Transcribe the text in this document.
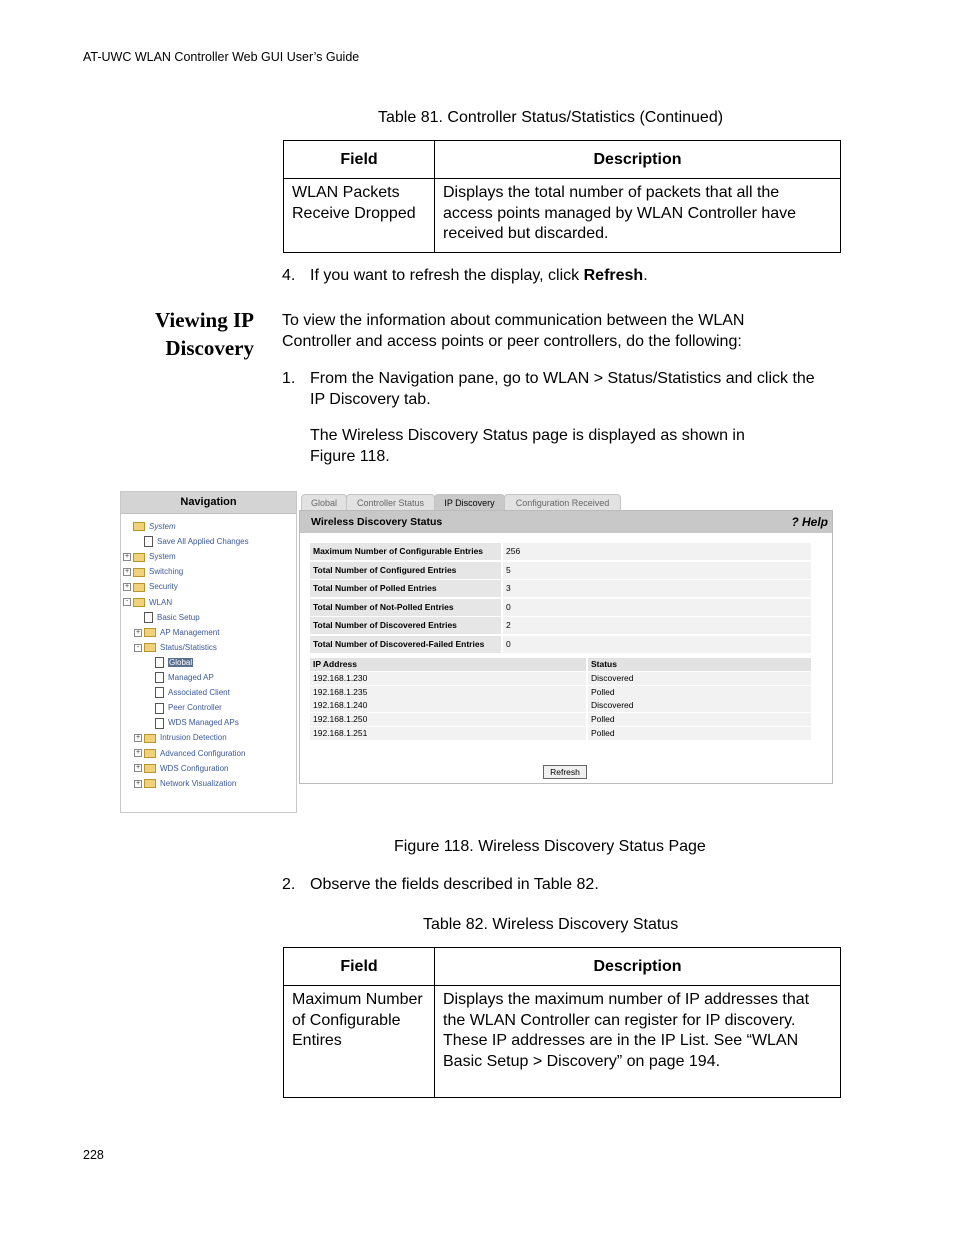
AT-UWC WLAN Controller Web GUI User’s Guide
Table 81. Controller Status/Statistics (Continued)
Field	Description
WLAN Packets Receive Dropped	Displays the total number of packets that all the access points managed by WLAN Controller have received but discarded.
4. If you want to refresh the display, click Refresh.
Viewing IP
Discovery
To view the information about communication between the WLAN Controller and access points or peer controllers, do the following:
1. From the Navigation pane, go to WLAN > Status/Statistics and click the IP Discovery tab.
The Wireless Discovery Status page is displayed as shown in Figure 118.
Navigation
System
Save All Applied Changes
+ System
+ Switching
+ Security
-	WLAN
Basic Setup
+ AP Management
-	Status/Statistics
Global
Managed AP
Associated Client
Peer Controller
WDS Managed APs
+ Intrusion Detection
+ Advanced Configuration
+ WDS Configuration
+ Network Visualization
Global	Controller Status	IP Discovery	Configuration Received
Wireless Discovery Status	? Help
Maximum Number of Configurable Entries	256
Total Number of Configured Entries	5
Total Number of Polled Entries	3
Total Number of Not-Polled Entries	0
Total Number of Discovered Entries	2
Total Number of Discovered-Failed Entries	0
IP Address	Status
192.168.1.230	Discovered
192.168.1.235	Polled
192.168.1.240	Discovered
192.168.1.250	Polled
192.168.1.251	Polled
Refresh
Figure 118. Wireless Discovery Status Page
2. Observe the fields described in Table 82.
Table 82. Wireless Discovery Status
Field	Description
Maximum Number of Configurable Entires	Displays the maximum number of IP addresses that the WLAN Controller can register for IP discovery. These IP addresses are in the IP List. See “WLAN Basic Setup > Discovery” on page 194.
228
